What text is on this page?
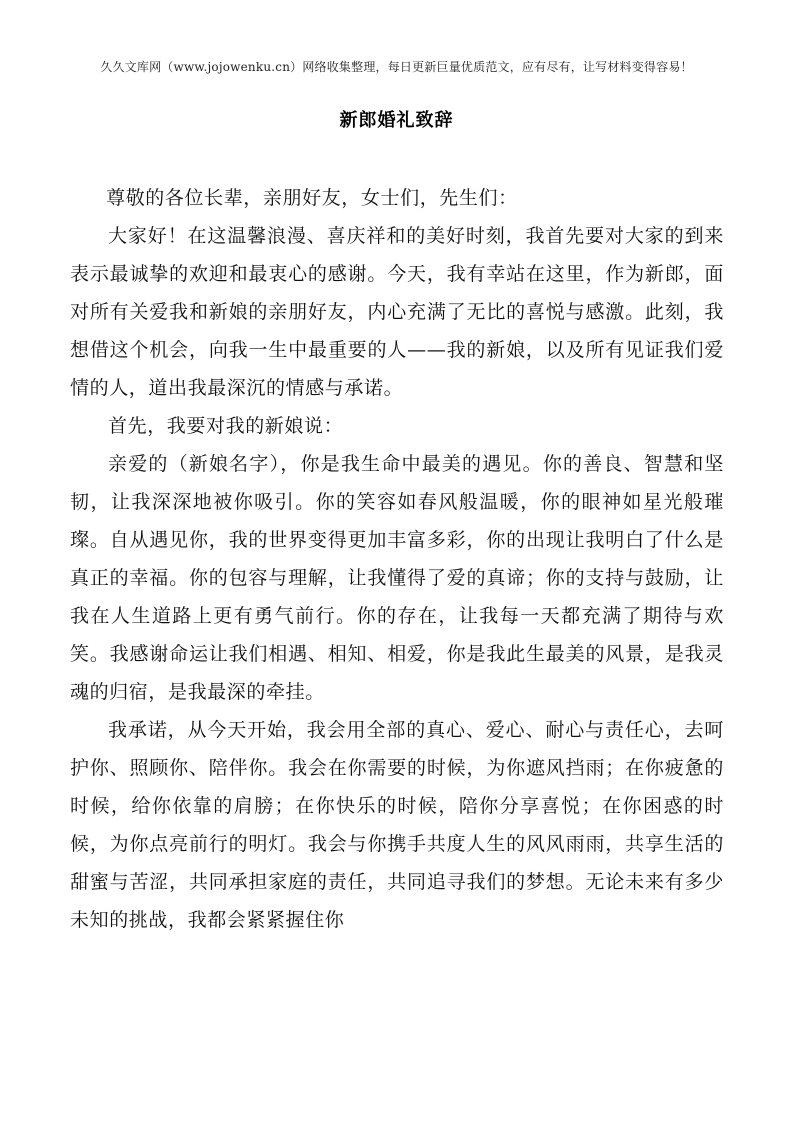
久久文库网（www.jojowenku.cn）网络收集整理，每日更新巨量优质范文，应有尽有，让写材料变得容易！
新郎婚礼致辞

尊敬的各位长辈，亲朋好友，女士们，先生们：

大家好！在这温馨浪漫、喜庆祥和的美好时刻，我首先要对大家的到来表示最诚挚的欢迎和最衷心的感谢。今天，我有幸站在这里，作为新郎，面对所有关爱我和新娘的亲朋好友，内心充满了无比的喜悦与感激。此刻，我想借这个机会，向我一生中最重要的人——我的新娘，以及所有见证我们爱情的人，道出我最深沉的情感与承诺。

首先，我要对我的新娘说：

亲爱的（新娘名字），你是我生命中最美的遇见。你的善良、智慧和坚韧，让我深深地被你吸引。你的笑容如春风般温暖，你的眼神如星光般璀璨。自从遇见你，我的世界变得更加丰富多彩，你的出现让我明白了什么是真正的幸福。你的包容与理解，让我懂得了爱的真谛；你的支持与鼓励，让我在人生道路上更有勇气前行。你的存在，让我每一天都充满了期待与欢笑。我感谢命运让我们相遇、相知、相爱，你是我此生最美的风景，是我灵魂的归宿，是我最深的牵挂。

我承诺，从今天开始，我会用全部的真心、爱心、耐心与责任心，去呵护你、照顾你、陪伴你。我会在你需要的时候，为你遮风挡雨；在你疲惫的时候，给你依靠的肩膀；在你快乐的时候，陪你分享喜悦；在你困惑的时候，为你点亮前行的明灯。我会与你携手共度人生的风风雨雨，共享生活的甜蜜与苦涩，共同承担家庭的责任，共同追寻我们的梦想。无论未来有多少未知的挑战，我都会紧紧握住你
